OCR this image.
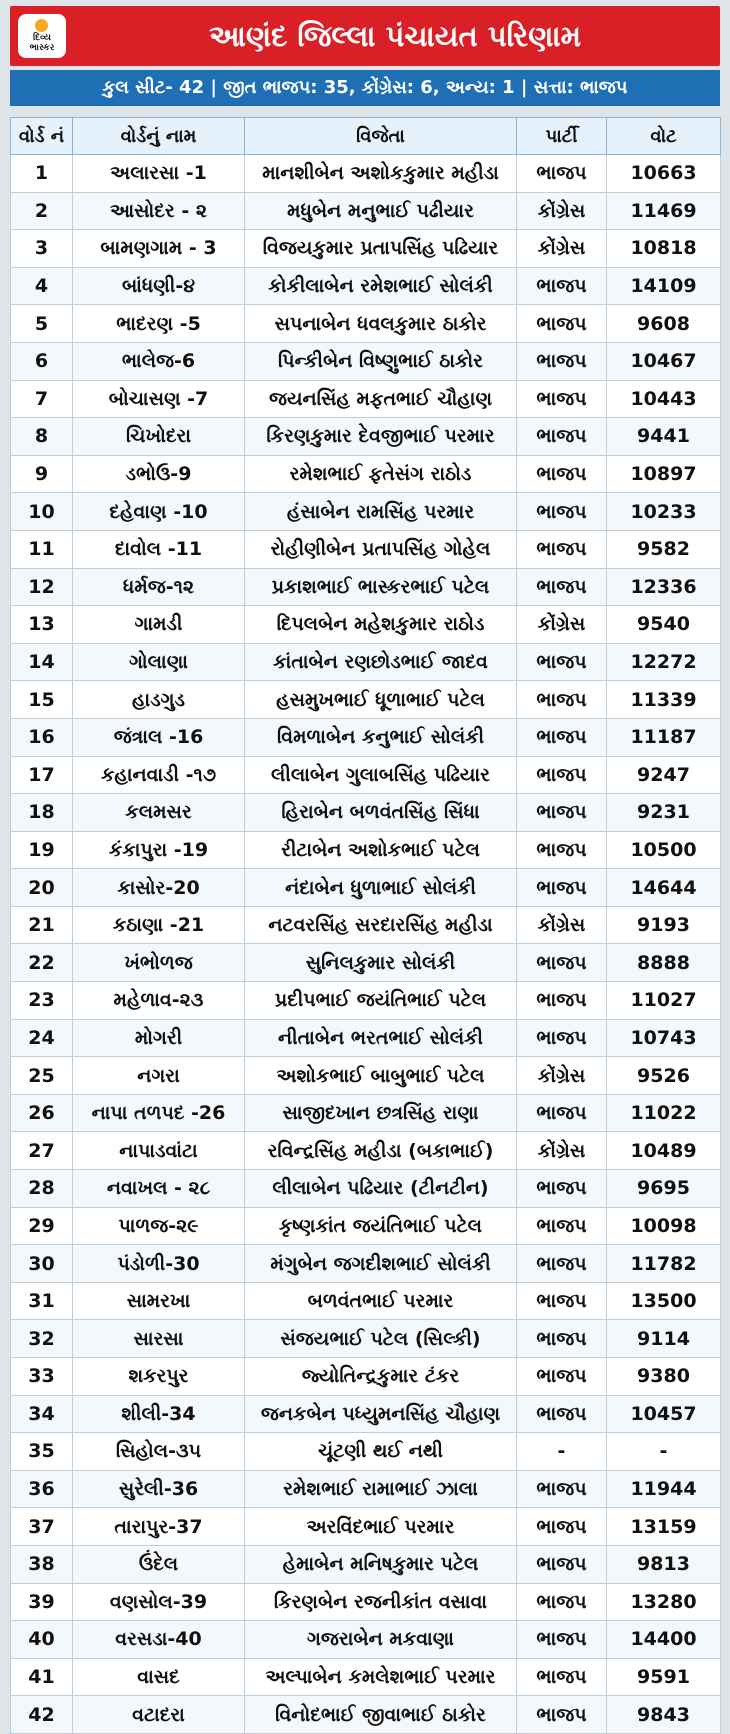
દિવ્ય
ભાસ્કર	આણંદ જિલ્લા પંચાયત પરિણામ
કુલ સીટ- 42 | જીત ભાજપ: 35, કોંગ્રેસ: 6, અન્ય: 1 | સત્તા: ભાજપ
વોર્ડ નં	વોર્ડનું નામ	વિજેતા	પાર્ટી	વોટ
1	અલારસા -1	માનશીબેન અશોકકુમાર મહીડા	ભાજપ	10663
2	આસોદર - ૨	મધુબેન મનુભાઈ પઢીયાર	કોંગ્રેસ	11469
3	બામણગામ - 3	વિજયકુમાર પ્રતાપસિંહ પઢિયાર	કોંગ્રેસ	10818
4	બાંધણી-૪	કોકીલાબેન રમેશભાઈ સોલંકી	ભાજપ	14109
5	ભાદરણ -5	સપનાબેન ધવલકુમાર ઠાકોર	ભાજપ	9608
6	ભાલેજ-6	પિન્કીબેન વિષ્ણુભાઈ ઠાકોર	ભાજપ	10467
7	બોચાસણ -7	જયનસિંહ મફતભાઈ ચૌહાણ	ભાજપ	10443
8	ચિખોદરા	કિરણકુમાર દેવજીભાઈ પરમાર	ભાજપ	9441
9	ડભોઉ-9	રમેશભાઈ ફતેસંગ રાઠોડ	ભાજપ	10897
10	દહેવાણ -10	હંસાબેન રામસિંહ પરમાર	ભાજપ	10233
11	દાવોલ -11	રોહીણીબેન પ્રતાપસિંહ ગોહેલ	ભાજપ	9582
12	ધર્મજ-૧૨	પ્રકાશભાઈ ભાસ્કરભાઈ પટેલ	ભાજપ	12336
13	ગામડી	દિપલબેન મહેશકુમાર રાઠોડ	કોંગ્રેસ	9540
14	ગોલાણા	કાંતાબેન રણછોડભાઈ જાદવ	ભાજપ	12272
15	હાડગુડ	હસમુખભાઈ ધૂળાભાઈ પટેલ	ભાજપ	11339
16	જંત્રાલ -16	વિમળાબેન કનુભાઈ સોલંકી	ભાજપ	11187
17	કહાનવાડી -૧૭	લીલાબેન ગુલાબસિંહ પઢિયાર	ભાજપ	9247
18	કલમસર	હિરાબેન બળવંતસિંહ સિંધા	ભાજપ	9231
19	કંકાપુરા -19	રીટાબેન અશોકભાઈ પટેલ	ભાજપ	10500
20	કાસોર-20	નંદાબેન ધુળાભાઈ સોલંકી	ભાજપ	14644
21	કઠાણા -21	નટવરસિંહ સરદારસિંહ મહીડા	કોંગ્રેસ	9193
22	ખંભોળજ	સુનિલકુમાર સોલંકી	ભાજપ	8888
23	મહેળાવ-૨૩	પ્રદીપભાઈ જયંતિભાઈ પટેલ	ભાજપ	11027
24	મોગરી	નીતાબેન ભરતભાઈ સોલંકી	ભાજપ	10743
25	નગરા	અશોકભાઈ બાબુભાઈ પટેલ	કોંગ્રેસ	9526
26	નાપા તળપદ -26	સાજીદખાન છત્રસિંહ રાણા	ભાજપ	11022
27	નાપાડવાંટા	રવિન્દ્રસિંહ મહીડા (બકાભાઈ)	કોંગ્રેસ	10489
28	નવાખલ - ૨૮	લીલાબેન પઢિયાર (ટીનટીન)	ભાજપ	9695
29	પાળજ-૨૯	કૃષ્ણકાંત જયંતિભાઈ પટેલ	ભાજપ	10098
30	પંડોળી-30	મંગુબેન જગદીશભાઈ સોલંકી	ભાજપ	11782
31	સામરખા	બળવંતભાઈ પરમાર	ભાજપ	13500
32	સારસા	સંજયભાઈ પટેલ (સિલ્કી)	ભાજપ	9114
33	શકરપુર	જ્યોતિન્દ્રકુમાર ટંકર	ભાજપ	9380
34	શીલી-34	જનકબેન પધ્યુમનસિંહ ચૌહાણ	ભાજપ	10457
35	સિહોલ-૩૫	ચૂંટણી થઈ નથી	-	-
36	સુરેલી-36	રમેશભાઈ રામાભાઈ ઝાલા	ભાજપ	11944
37	તારાપુર-37	અરવિંદભાઈ પરમાર	ભાજપ	13159
38	ઉંદેલ	હેમાબેન મનિષકુમાર પટેલ	ભાજપ	9813
39	વણસોલ-39	કિરણબેન રજનીકાંત વસાવા	ભાજપ	13280
40	વરસડા-40	ગજરાબેન મકવાણા	ભાજપ	14400
41	વાસદ	અલ્પાબેન કમલેશભાઈ પરમાર	ભાજપ	9591
42	વટાદરા	વિનોદભાઈ જીવાભાઈ ઠાકોર	ભાજપ	9843
